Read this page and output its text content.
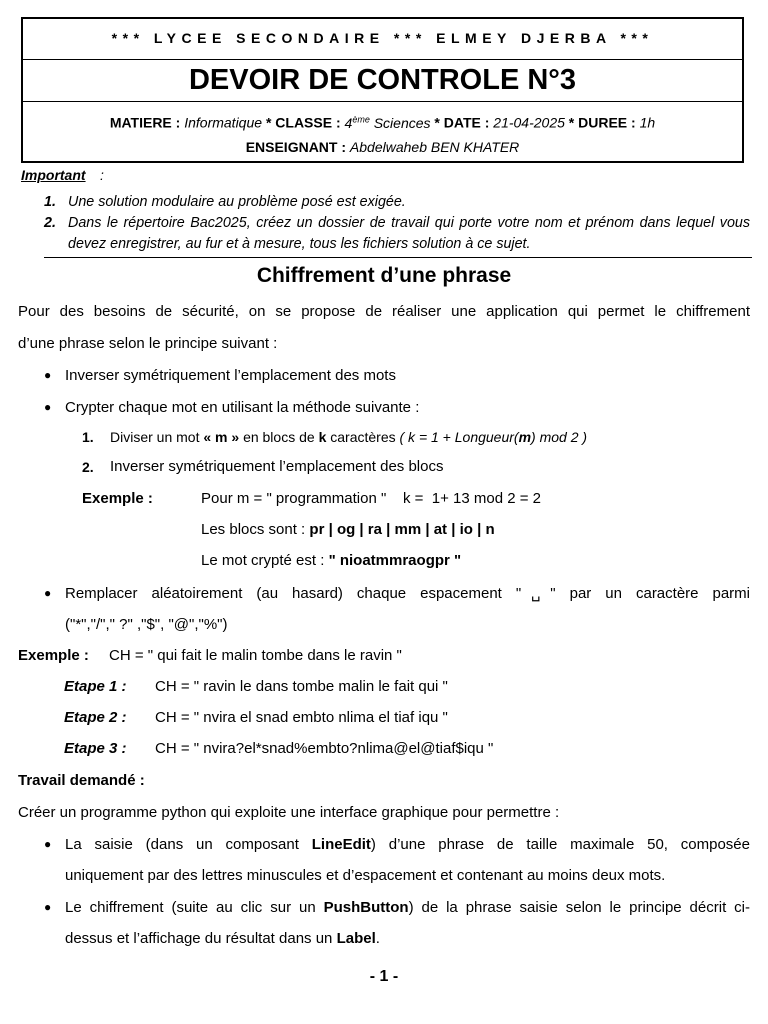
*** LYCEE SECONDAIRE *** ELMEY DJERBA ***
DEVOIR DE CONTROLE N°3
MATIERE : Informatique * CLASSE : 4ème Sciences * DATE : 21-04-2025 * DUREE : 1h
ENSEIGNANT : Abdelwaheb BEN KHATER
Important :
1. Une solution modulaire au problème posé est exigée.
2. Dans le répertoire Bac2025, créez un dossier de travail qui porte votre nom et prénom dans lequel vous devez enregistrer, au fur et à mesure, tous les fichiers solution à ce sujet.
Chiffrement d’une phrase
Pour des besoins de sécurité, on se propose de réaliser une application qui permet le chiffrement
d’une phrase selon le principe suivant :
● Inverser symétriquement l’emplacement des mots
● Crypter chaque mot en utilisant la méthode suivante :
1. Diviser un mot « m » en blocs de k caractères ( k = 1 + Longueur(m) mod 2 )
2. Inverser symétriquement l’emplacement des blocs
Exemple :	Pour m = " programmation "    k =  1+ 13 mod 2 = 2
Les blocs sont : pr | og | ra | mm | at | io | n
Le mot crypté est : " nioatmmraogpr "
● Remplacer aléatoirement (au hasard) chaque espacement "␣" par un caractère parmi
("*","/"," ?" ,"$", "@","%")
Exemple : CH = " qui fait le malin tombe dans le ravin "
Etape 1 : CH = " ravin le dans tombe malin le fait qui "
Etape 2 : CH = " nvira el snad embto nlima el tiaf iqu "
Etape 3 : CH = " nvira?el*snad%embto?nlima@el@tiaf$iqu "
Travail demandé :
Créer un programme python qui exploite une interface graphique pour permettre :
● La saisie (dans un composant LineEdit) d’une phrase de taille maximale 50, composée
uniquement par des lettres minuscules et d’espacement et contenant au moins deux mots.
● Le chiffrement (suite au clic sur un PushButton) de la phrase saisie selon le principe décrit ci-
dessus et l’affichage du résultat dans un Label.
- 1 -
